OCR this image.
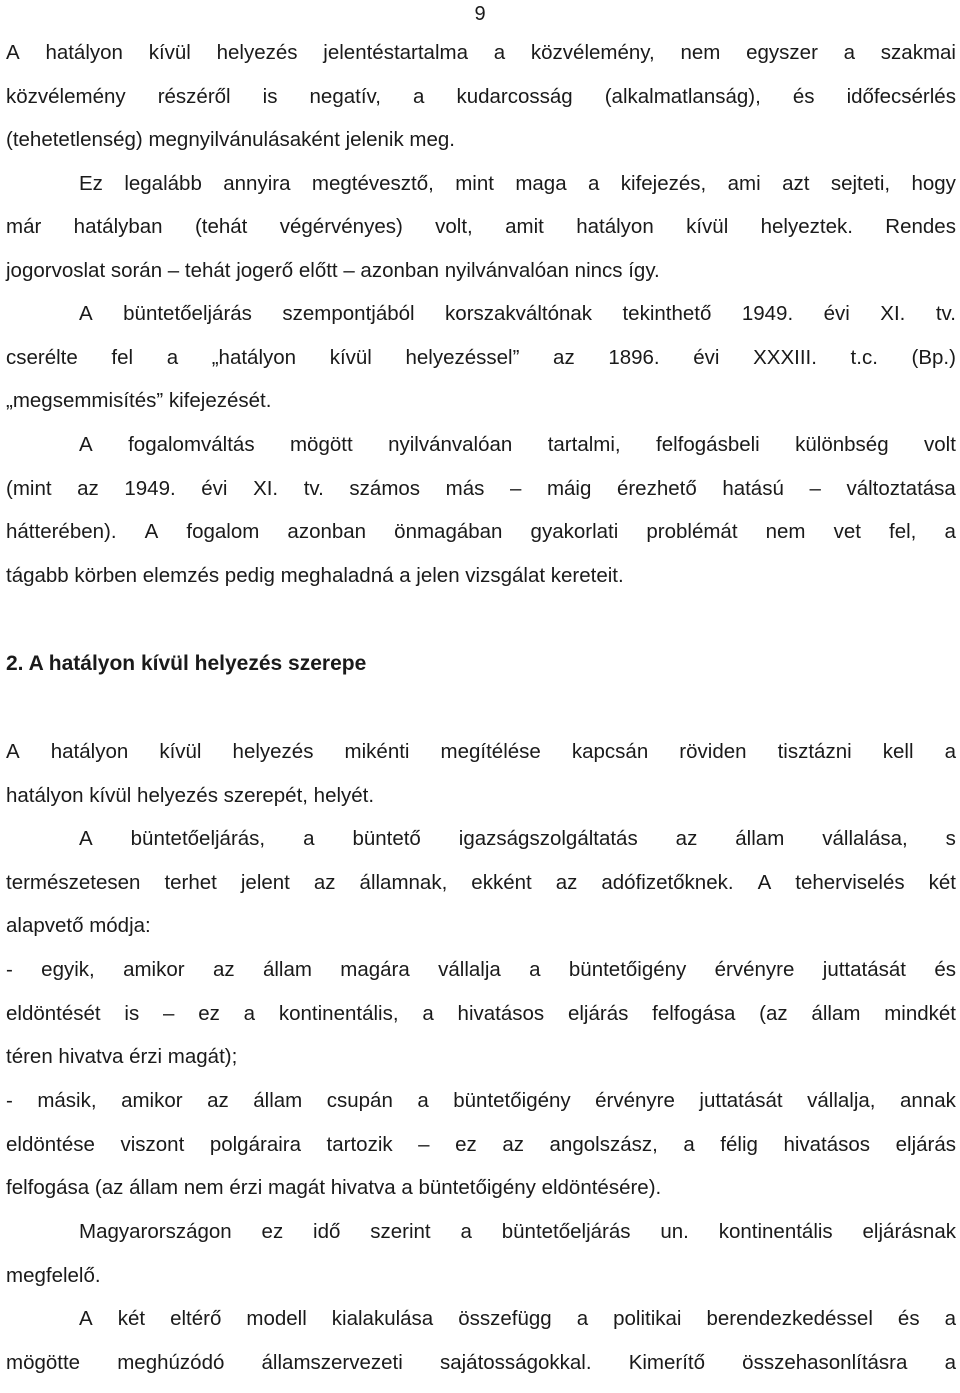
9
A hatályon kívül helyezés jelentéstartalma a közvélemény, nem egyszer a szakmai
közvélemény részéről is negatív, a kudarcosság (alkalmatlanság), és időfecsérlés
(tehetetlenség) megnyilvánulásaként jelenik meg.
Ez legalább annyira megtévesztő, mint maga a kifejezés, ami azt sejteti, hogy
már hatályban (tehát végérvényes) volt, amit hatályon kívül helyeztek. Rendes
jogorvoslat során – tehát jogerő előtt – azonban nyilvánvalóan nincs így.
A büntetőeljárás szempontjából korszakváltónak tekinthető 1949. évi XI. tv.
cserélte fel a „hatályon kívül helyezéssel” az 1896. évi XXXIII. t.c. (Bp.)
„megsemmisítés” kifejezését.
A fogalomváltás mögött nyilvánvalóan tartalmi, felfogásbeli különbség volt
(mint az 1949. évi XI. tv. számos más – máig érezhető hatású – változtatása
hátterében). A fogalom azonban önmagában gyakorlati problémát nem vet fel, a
tágabb körben elemzés pedig meghaladná a jelen vizsgálat kereteit.
2. A hatályon kívül helyezés szerepe
A hatályon kívül helyezés mikénti megítélése kapcsán röviden tisztázni kell a
hatályon kívül helyezés szerepét, helyét.
A büntetőeljárás, a büntető igazságszolgáltatás az állam vállalása, s
természetesen terhet jelent az államnak, ekként az adófizetőknek. A teherviselés két
alapvető módja:
- egyik, amikor az állam magára vállalja a büntetőigény érvényre juttatását és
eldöntését is – ez a kontinentális, a hivatásos eljárás felfogása (az állam mindkét
téren hivatva érzi magát);
- másik, amikor az állam csupán a büntetőigény érvényre juttatását vállalja, annak
eldöntése viszont polgáraira tartozik – ez az angolszász, a félig hivatásos eljárás
felfogása (az állam nem érzi magát hivatva a büntetőigény eldöntésére).
Magyarországon ez idő szerint a büntetőeljárás un. kontinentális eljárásnak
megfelelő.
A két eltérő modell kialakulása összefügg a politikai berendezkedéssel és a
mögötte meghúzódó államszervezeti sajátosságokkal. Kimerítő összehasonlításra a
